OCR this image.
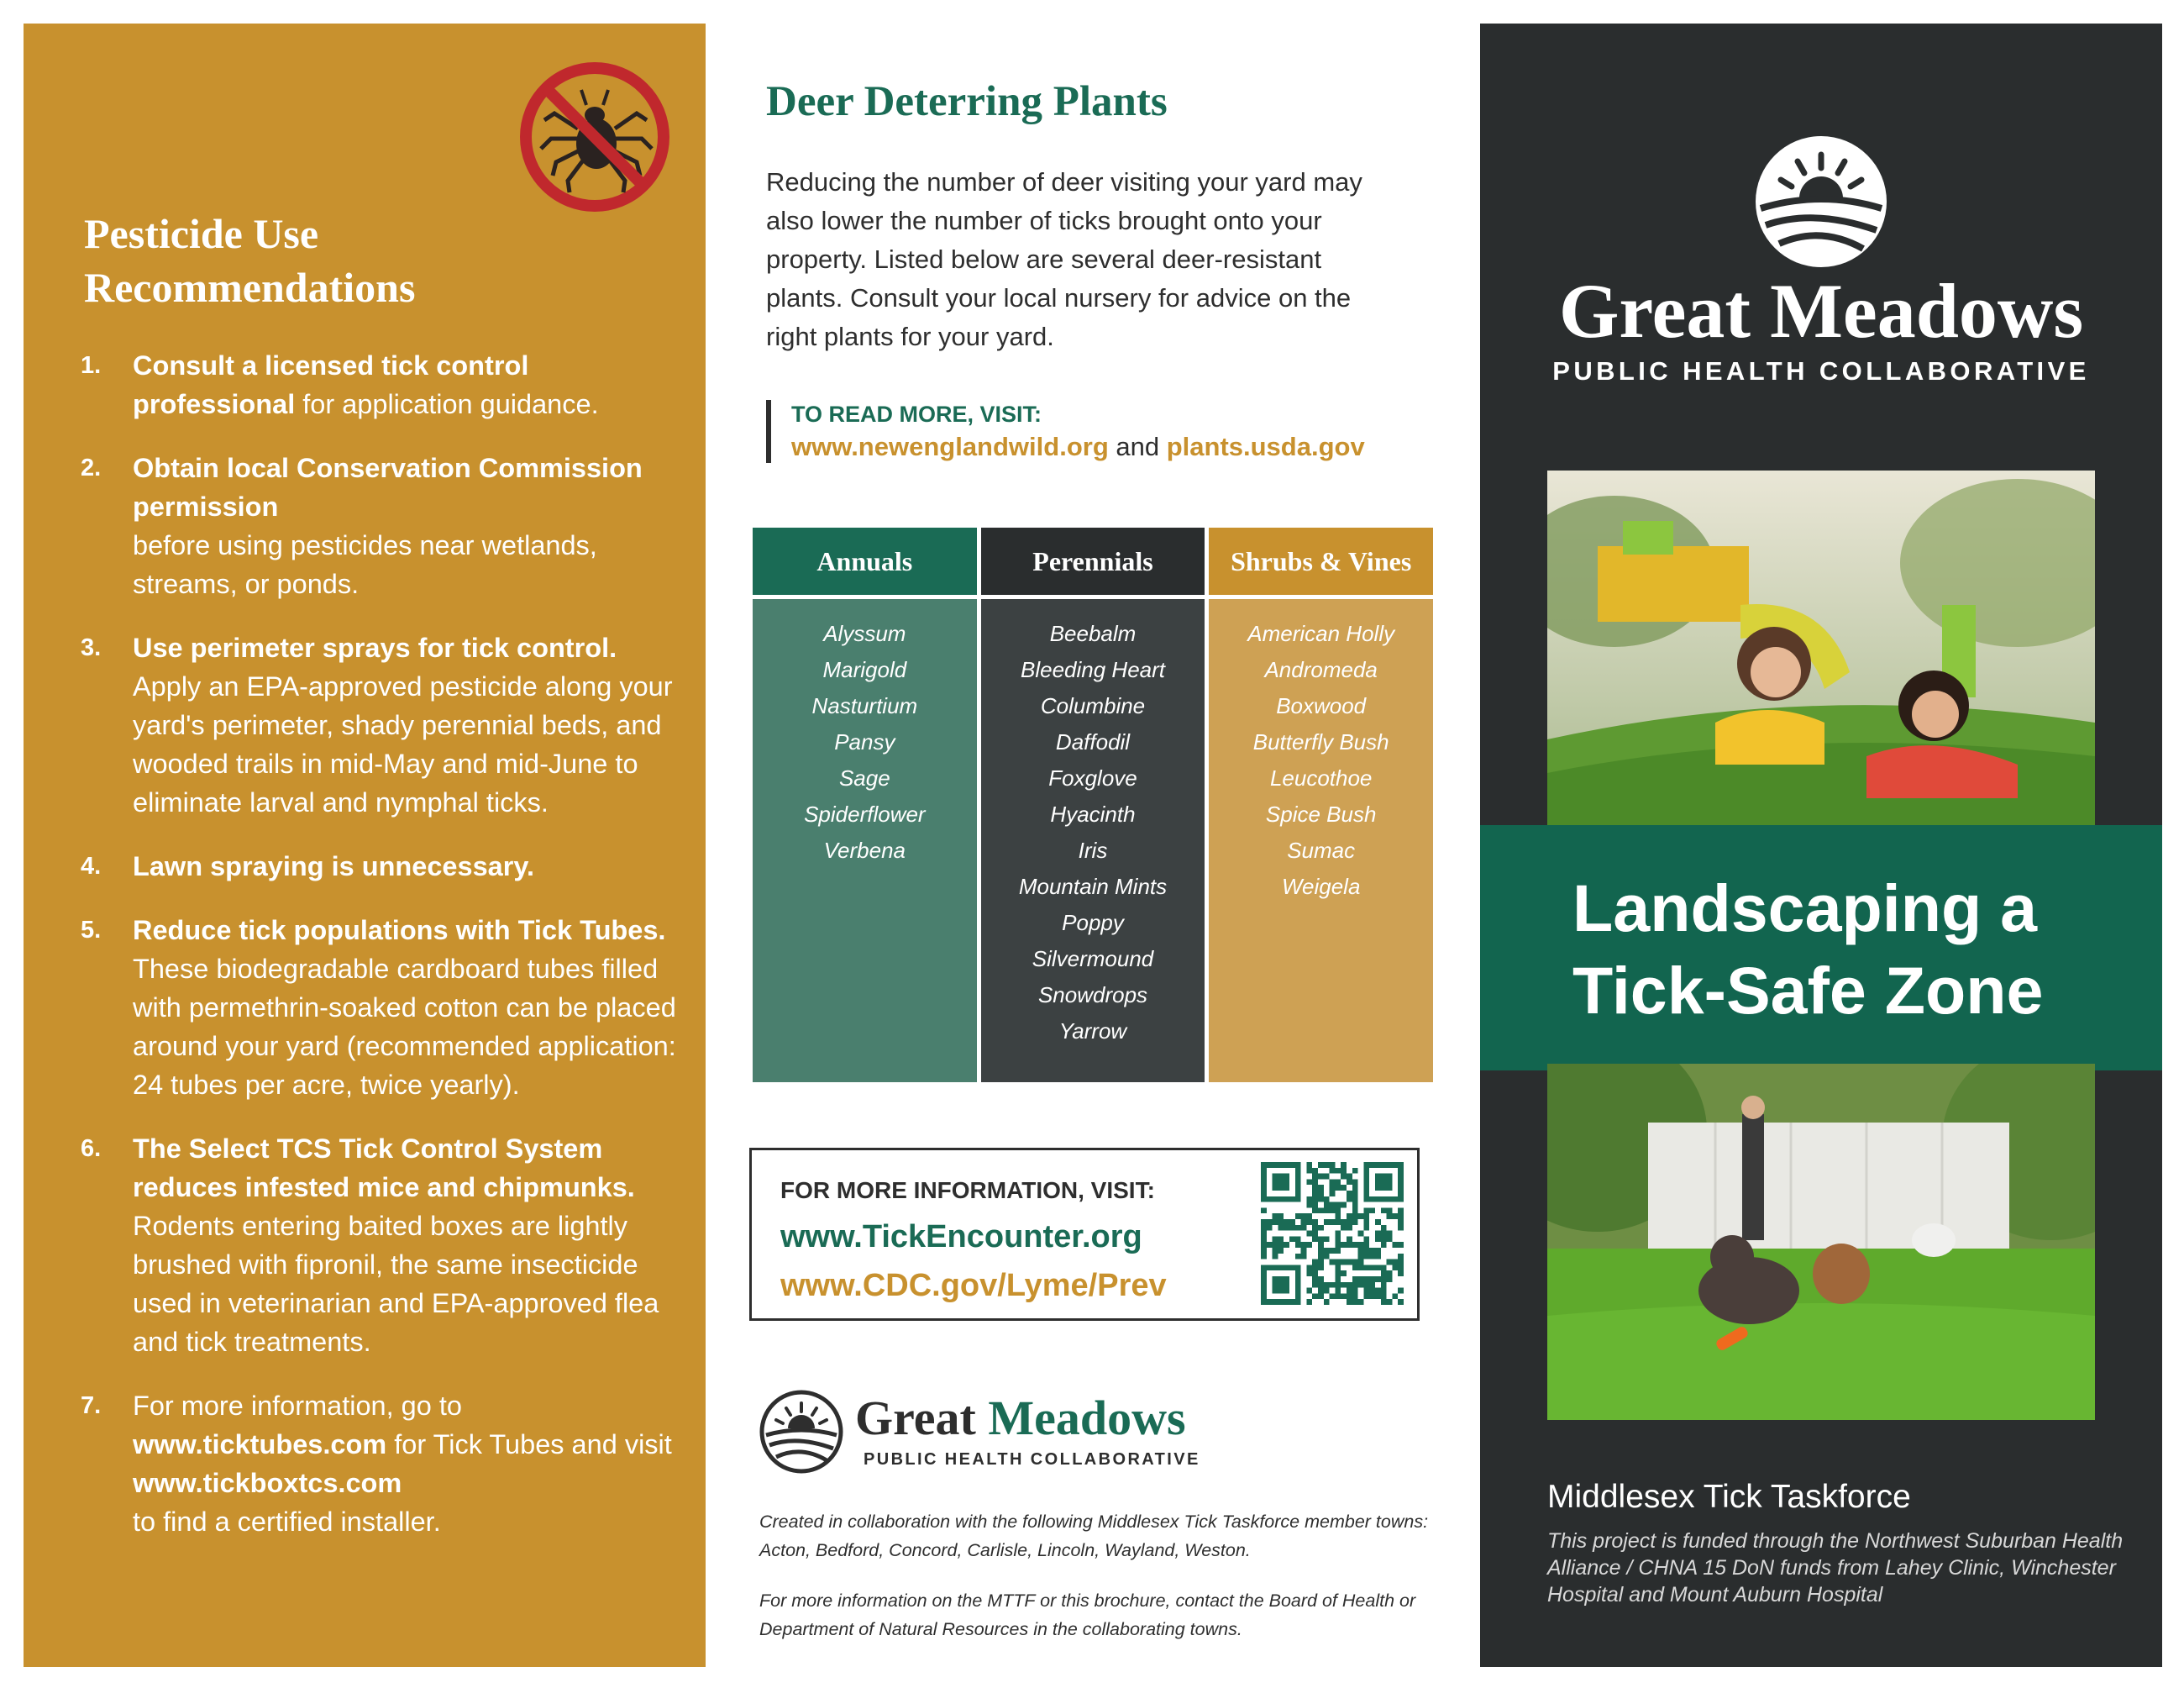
Pesticide Use
Recommendations
1. Consult a licensed tick control professional for application guidance.
2. Obtain local Conservation Commission permission
before using pesticides near wetlands, streams, or ponds.
3. Use perimeter sprays for tick control. Apply an EPA-approved pesticide along your yard's perimeter, shady perennial beds, and wooded trails in mid-May and mid-June to eliminate larval and nymphal ticks.
4. Lawn spraying is unnecessary.
5. Reduce tick populations with Tick Tubes. These biodegradable cardboard tubes filled with permethrin-soaked cotton can be placed around your yard (recommended application:
24 tubes per acre, twice yearly).
6. The Select TCS Tick Control System reduces infested mice and chipmunks. Rodents entering baited boxes are lightly brushed with fipronil, the same insecticide used in veterinarian and EPA-approved flea and tick treatments.
7. For more information, go to
www.ticktubes.com for Tick Tubes and visit www.tickboxtcs.com
to find a certified installer.
Deer Deterring Plants
Reducing the number of deer visiting your yard may also lower the number of ticks brought onto your property. Listed below are several deer-resistant plants. Consult your local nursery for advice on the right plants for your yard.
TO READ MORE, VISIT:
www.newenglandwild.org and plants.usda.gov
Annuals
Alyssum
Marigold
Nasturtium
Pansy
Sage
Spiderflower
Verbena
Perennials
Beebalm
Bleeding Heart
Columbine
Daffodil
Foxglove
Hyacinth
Iris
Mountain Mints
Poppy
Silvermound
Snowdrops
Yarrow
Shrubs & Vines
American Holly
Andromeda
Boxwood
Butterfly Bush
Leucothoe
Spice Bush
Sumac
Weigela
FOR MORE INFORMATION, VISIT:
www.TickEncounter.org
www.CDC.gov/Lyme/Prev
Great Meadows
PUBLIC HEALTH COLLABORATIVE
Created in collaboration with the following Middlesex Tick Taskforce member towns: Acton, Bedford, Concord, Carlisle, Lincoln, Wayland, Weston.
For more information on the MTTF or this brochure, contact the Board of Health or Department of Natural Resources in the collaborating towns.
Great Meadows
PUBLIC HEALTH COLLABORATIVE
Landscaping a
Tick-Safe Zone
Middlesex Tick Taskforce
This project is funded through the Northwest Suburban Health Alliance / CHNA 15 DoN funds from Lahey Clinic, Winchester Hospital and Mount Auburn Hospital
